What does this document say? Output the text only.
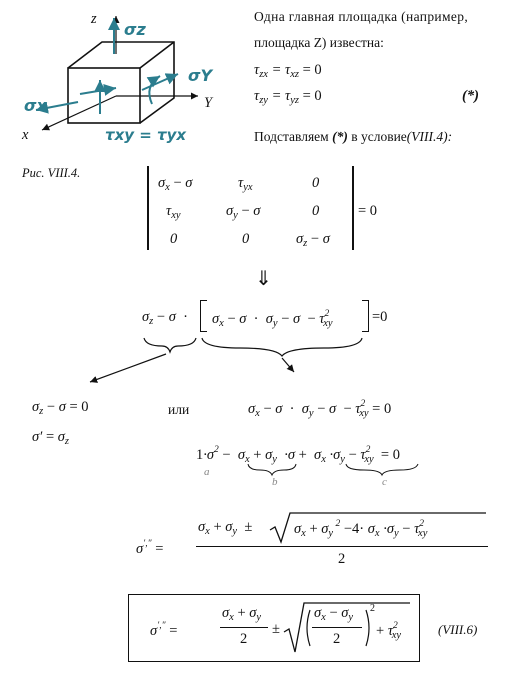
z
σz
σY
Y
σx
x	τxy = τyx
Рис. VIII.4.
Одна главная площадка (например,
площадка Z) известна:
$\tau_{zx} = \tau_{xz} = 0$
$\tau_{zy} = \tau_{yz} = 0$	(*)
Подставляем (*) в условие(VIII.4):
$\sigma_x - \sigma$	$\tau_{yx}$	0
$\tau_{xy}$	$\sigma_y - \sigma$	0
0	0	$\sigma_z - \sigma$
= 0
⇓
$\sigma_z - \sigma \cdot \sigma_x - \sigma \cdot \sigma_y - \sigma - \tau^2_{xy}$	=0
$\sigma_z - \sigma = 0$
$\sigma' = \sigma_z$
или	$\sigma_x - \sigma \cdot \sigma_y - \sigma - \tau^2_{xy} = 0$
$1\cdot\sigma^2 - \sigma_x + \sigma_y \cdot\sigma + \sigma_x \cdot\sigma_y - \tau^2_{xy} = 0$
a
b	c
σ′,″ =
$\sigma_x + \sigma_y$ ±	$\sigma_x + \sigma_y$ $^2 -4\cdot \sigma_x \cdot\sigma_y - \tau^2_{xy}$
2
σ′,″ =
$\sigma_x + \sigma_y$
2
±
$\sigma_x - \sigma_y$
2
2
+ $\tau^2_{xy}$	(VIII.6)
